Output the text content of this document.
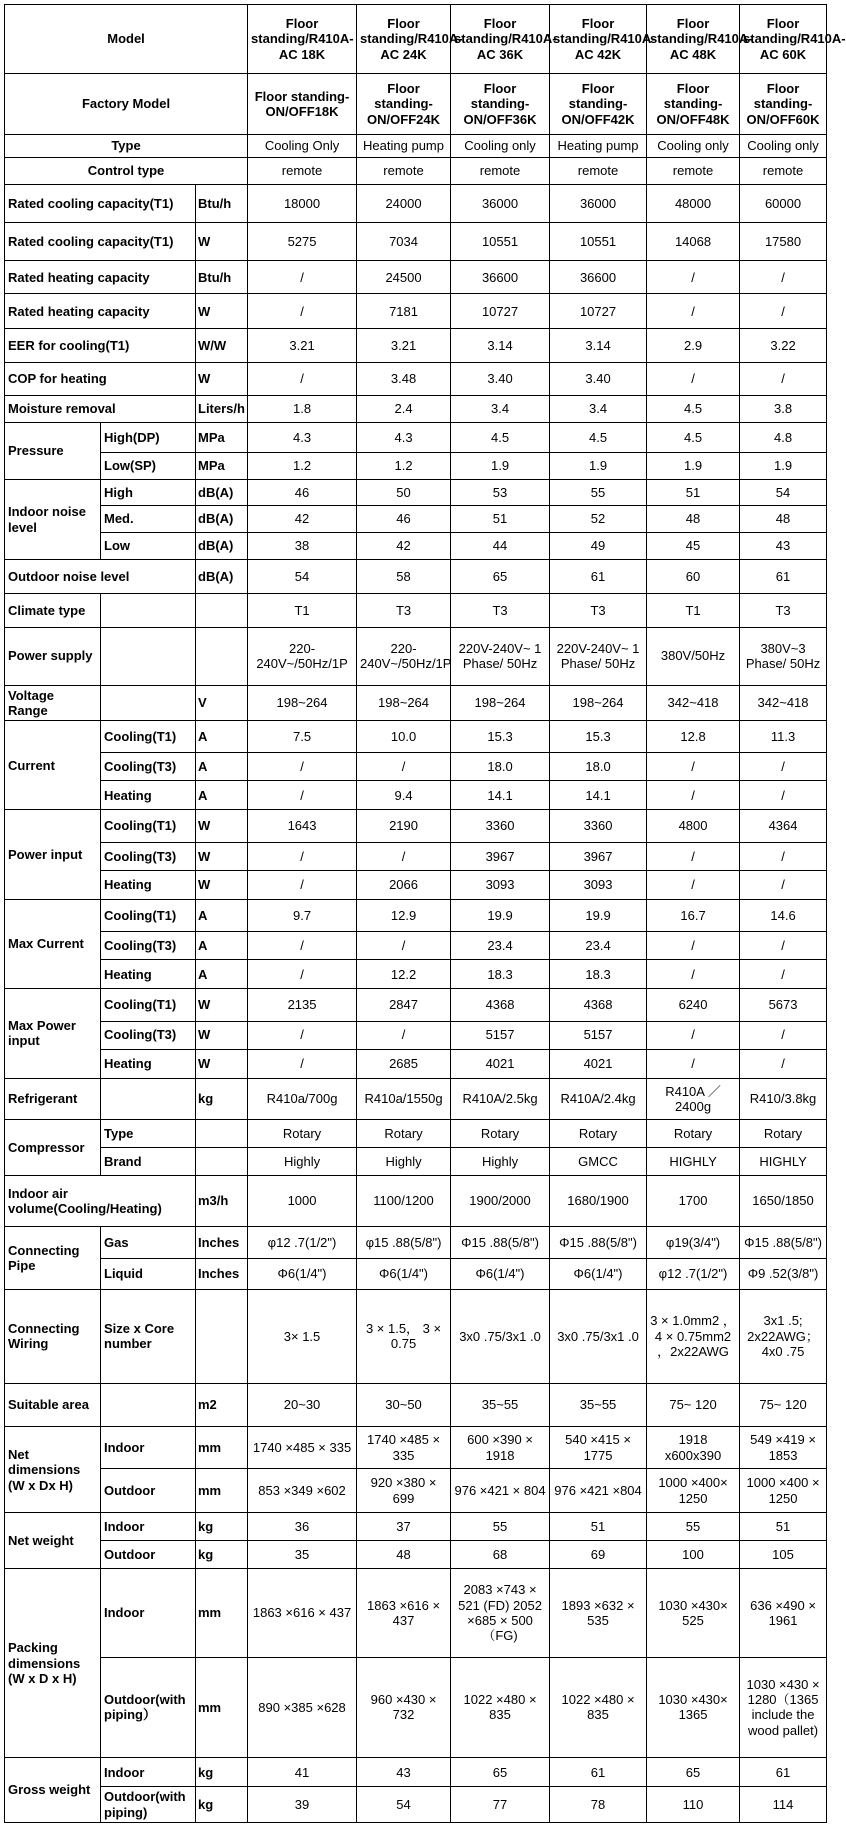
Model			Floor standing/R410A-AC 18K	Floor standing/R410A-AC 24K	Floor standing/R410A-AC 36K	Floor standing/R410A-AC 42K	Floor standing/R410A-AC 48K	Floor standing/R410A-AC 60K
Factory Model			Floor standing-ON/OFF18K	Floor standing-ON/OFF24K	Floor standing-ON/OFF36K	Floor standing-ON/OFF42K	Floor standing-ON/OFF48K	Floor standing-ON/OFF60K
Type			Cooling Only	Heating pump	Cooling only	Heating pump	Cooling only	Cooling only
Control type			remote	remote	remote	remote	remote	remote
Rated cooling capacity(T1)		Btu/h	18000	24000	36000	36000	48000	60000
Rated cooling capacity(T1)		W	5275	7034	10551	10551	14068	17580
Rated heating capacity		Btu/h	/	24500	36600	36600	/	/
Rated heating capacity		W	/	7181	10727	10727	/	/
EER for cooling(T1)		W/W	3.21	3.21	3.14	3.14	2.9	3.22
COP for heating		W	/	3.48	3.40	3.40	/	/
Moisture removal		Liters/h	1.8	2.4	3.4	3.4	4.5	3.8
Pressure	High(DP)	MPa	4.3	4.3	4.5	4.5	4.5	4.8
	Low(SP)	MPa	1.2	1.2	1.9	1.9	1.9	1.9
Indoor noise level	High	dB(A)	46	50	53	55	51	54
	Med.	dB(A)	42	46	51	52	48	48
	Low	dB(A)	38	42	44	49	45	43
Outdoor noise level		dB(A)	54	58	65	61	60	61
Climate type			T1	T3	T3	T3	T1	T3
Power supply			220-240V~/50Hz/1P	220-240V~/50Hz/1P	220V-240V~ 1 Phase/ 50Hz	220V-240V~ 1 Phase/ 50Hz	380V/50Hz	380V~3 Phase/ 50Hz
Voltage Range		V	198~264	198~264	198~264	198~264	342~418	342~418
Current	Cooling(T1)	A	7.5	10.0	15.3	15.3	12.8	11.3
	Cooling(T3)	A	/	/	18.0	18.0	/	/
	Heating	A	/	9.4	14.1	14.1	/	/
Power input	Cooling(T1)	W	1643	2190	3360	3360	4800	4364
	Cooling(T3)	W	/	/	3967	3967	/	/
	Heating	W	/	2066	3093	3093	/	/
Max Current	Cooling(T1)	A	9.7	12.9	19.9	19.9	16.7	14.6
	Cooling(T3)	A	/	/	23.4	23.4	/	/
	Heating	A	/	12.2	18.3	18.3	/	/
Max Power input	Cooling(T1)	W	2135	2847	4368	4368	6240	5673
	Cooling(T3)	W	/	/	5157	5157	/	/
	Heating	W	/	2685	4021	4021	/	/
Refrigerant		kg	R410a/700g	R410a/1550g	R410A/2.5kg	R410A/2.4kg	R410A ／2400g	R410/3.8kg
Compressor	Type		Rotary	Rotary	Rotary	Rotary	Rotary	Rotary
	Brand		Highly	Highly	Highly	GMCC	HIGHLY	HIGHLY
Indoor air volume(Cooling/Heating)		m3/h	1000	1100/1200	1900/2000	1680/1900	1700	1650/1850
Connecting Pipe	Gas	Inches	φ12 .7(1/2")	φ15 .88(5/8")	Φ15 .88(5/8")	Φ15 .88(5/8")	φ19(3/4")	Φ15 .88(5/8")
	Liquid	Inches	Φ6(1/4")	Φ6(1/4")	Φ6(1/4")	Φ6(1/4")	φ12 .7(1/2")	Φ9 .52(3/8")
Connecting Wiring	Size x Core number		3× 1.5	3 × 1.5， 3 × 0.75	3x0 .75/3x1 .0	3x0 .75/3x1 .0	3 × 1.0mm2 ，4 × 0.75mm2 ，2x22AWG	3x1 .5; 2x22AWG；4x0 .75
Suitable area		m2	20~30	30~50	35~55	35~55	75~ 120	75~ 120
Net dimensions (W x Dx H)	Indoor	mm	1740 ×485 × 335	1740 ×485 × 335	600 ×390 × 1918	540 ×415 × 1775	1918 x600x390	549 ×419 × 1853
	Outdoor	mm	853 ×349 ×602	920 ×380 × 699	976 ×421 × 804	976 ×421 ×804	1000 ×400× 1250	1000 ×400 × 1250
Net weight	Indoor	kg	36	37	55	51	55	51
	Outdoor	kg	35	48	68	69	100	105
Packing dimensions (W x D x H)	Indoor	mm	1863 ×616 × 437	1863 ×616 × 437	2083 ×743 × 521 (FD) 2052 ×685 × 500 （FG)	1893 ×632 × 535	1030 ×430× 525	636 ×490 × 1961
	Outdoor(with piping）	mm	890 ×385 ×628	960 ×430 × 732	1022 ×480 × 835	1022 ×480 × 835	1030 ×430× 1365	1030 ×430 × 1280（1365 include the wood pallet)
Gross weight	Indoor	kg	41	43	65	61	65	61
	Outdoor(with piping)	kg	39	54	77	78	110	114
